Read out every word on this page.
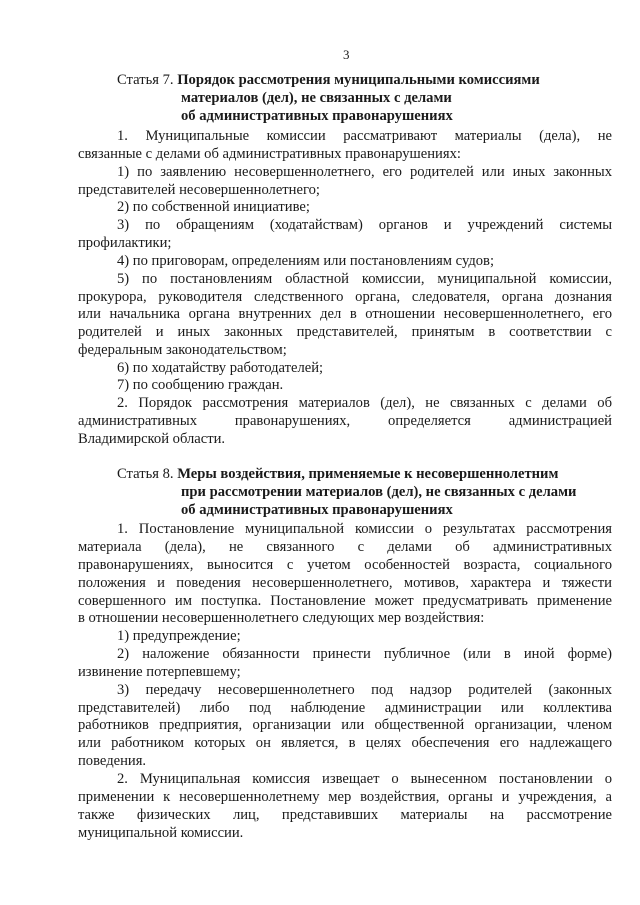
3
Статья 7. Порядок рассмотрения муниципальными комиссиями
материалов (дел), не связанных с делами
об административных правонарушениях
1. Муниципальные комиссии рассматривают материалы (дела), не
связанные с делами об административных правонарушениях:
1) по заявлению несовершеннолетнего, его родителей или иных законных
представителей несовершеннолетнего;
2) по собственной инициативе;
3) по обращениям (ходатайствам) органов и учреждений системы
профилактики;
4) по приговорам, определениям или постановлениям судов;
5) по постановлениям областной комиссии, муниципальной комиссии,
прокурора, руководителя следственного органа, следователя, органа дознания
или начальника органа внутренних дел в отношении несовершеннолетнего, его
родителей и иных законных представителей, принятым в соответствии с
федеральным законодательством;
6) по ходатайству работодателей;
7) по сообщению граждан.
2. Порядок рассмотрения материалов (дел), не связанных с делами об
административных правонарушениях, определяется администрацией
Владимирской области.
Статья 8. Меры воздействия, применяемые к несовершеннолетним
при рассмотрении материалов (дел), не связанных с делами
об административных правонарушениях
1. Постановление муниципальной комиссии о результатах рассмотрения
материала (дела), не связанного с делами об административных
правонарушениях, выносится с учетом особенностей возраста, социального
положения и поведения несовершеннолетнего, мотивов, характера и тяжести
совершенного им поступка. Постановление может предусматривать применение
в отношении несовершеннолетнего следующих мер воздействия:
1) предупреждение;
2) наложение обязанности принести публичное (или в иной форме)
извинение потерпевшему;
3) передачу несовершеннолетнего под надзор родителей (законных
представителей) либо под наблюдение администрации или коллектива
работников предприятия, организации или общественной организации, членом
или работником которых он является, в целях обеспечения его надлежащего
поведения.
2. Муниципальная комиссия извещает о вынесенном постановлении о
применении к несовершеннолетнему мер воздействия, органы и учреждения, а
также физических лиц, представивших материалы на рассмотрение
муниципальной комиссии.
